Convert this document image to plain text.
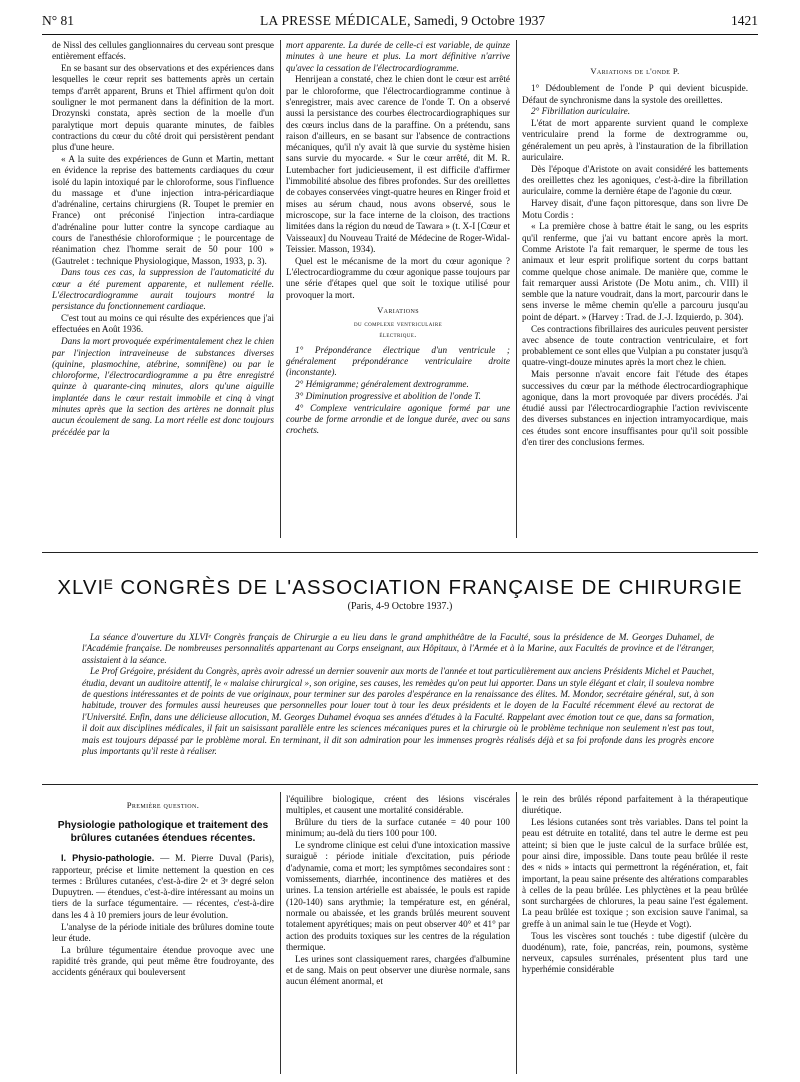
N° 81	LA PRESSE MÉDICALE, Samedi, 9 Octobre 1937	1421

de Nissl des cellules ganglionnaires du cerveau sont presque entièrement effacés.

En se basant sur des observations et des expériences dans lesquelles le cœur reprit ses battements après un certain temps d'arrêt apparent, Bruns et Thiel affirment qu'on doit souligner le mot permanent dans la définition de la mort. Drozynski constata, après section de la moelle d'un paralytique mort depuis quarante minutes, de faibles contractions du cœur du côté droit qui persistèrent pendant plus d'une heure.

« A la suite des expériences de Gunn et Martin, mettant en évidence la reprise des battements cardiaques du cœur isolé du lapin intoxiqué par le chloroforme, sous l'influence du massage et d'une injection intra-péricardiaque d'adrénaline, certains chirurgiens (R. Toupet le premier en France) ont préconisé l'injection intra-cardiaque d'adrénaline pour lutter contre la syncope cardiaque au cours de l'anesthésie chloroformique ; le pourcentage de réanimation chez l'homme serait de 50 pour 100 » (Gautrelet : technique Physiologique, Masson, 1933, p. 3).

Dans tous ces cas, la suppression de l'automaticité du cœur a été purement apparente, et nullement réelle. L'électrocardiogramme aurait toujours montré la persistance du fonctionnement cardiaque.

C'est tout au moins ce qui résulte des expériences que j'ai effectuées en Août 1936.

Dans la mort provoquée expérimentalement chez le chien par l'injection intraveineuse de substances diverses (quinine, plasmochine, atébrine, somnifène) ou par le chloroforme, l'électrocardiogramme a pu être enregistré quinze à quarante-cinq minutes, alors qu'une aiguille implantée dans le cœur restait immobile et cinq à vingt minutes après que la section des artères ne donnait plus aucun écoulement de sang. La mort réelle est donc toujours précédée par la

mort apparente. La durée de celle-ci est variable, de quinze minutes à une heure et plus. La mort définitive n'arrive qu'avec la cessation de l'électrocardiogramme.

Henrijean a constaté, chez le chien dont le cœur est arrêté par le chloroforme, que l'électrocardiogramme continue à s'enregistrer, mais avec carence de l'onde T. On a observé aussi la persistance des courbes électrocardiographiques sur des cœurs inclus dans de la paraffine. On a prétendu, sans raison d'ailleurs, en se basant sur l'absence de contractions mécaniques, qu'il n'y avait là que survie du système hisien sans survie du myocarde. « Sur le cœur arrêté, dit M. R. Lutembacher fort judicieusement, il est difficile d'affirmer l'immobilité absolue des fibres profondes. Sur des oreillettes de cobayes conservées vingt-quatre heures en Ringer froid et mises au sérum chaud, nous avons observé, sous le microscope, sur la face interne de la cloison, des tractions limitées dans la région du nœud de Tawara » (t. X-I [Cœur et Vaisseaux] du Nouveau Traité de Médecine de Roger-Widal-Teissier. Masson, 1934).

Quel est le mécanisme de la mort du cœur agonique ? L'électrocardiogramme du cœur agonique passe toujours par une série d'étapes quel que soit le toxique utilisé pour provoquer la mort.

Variations
du complexe ventriculaire
électrique.

1° Prépondérance électrique d'un ventricule ; généralement prépondérance ventriculaire droite (inconstante).

2° Hémigramme; généralement dextrogramme.

3° Diminution progressive et abolition de l'onde T.

4° Complexe ventriculaire agonique formé par une courbe de forme arrondie et de longue durée, avec ou sans crochets.

Variations de l'onde P.

1° Dédoublement de l'onde P qui devient bicuspide. Défaut de synchronisme dans la systole des oreillettes.

2° Fibrillation auriculaire.

L'état de mort apparente survient quand le complexe ventriculaire prend la forme de dextrogramme ou, généralement un peu après, à l'instauration de la fibrillation auriculaire.

Dès l'époque d'Aristote on avait considéré les battements des oreillettes chez les agoniques, c'est-à-dire la fibrillation auriculaire, comme la dernière étape de l'agonie du cœur.

Harvey disait, d'une façon pittoresque, dans son livre De Motu Cordis :

« La première chose à battre était le sang, ou les esprits qu'il renferme, que j'ai vu battant encore après la mort. Comme Aristote l'a fait remarquer, le sperme de tous les animaux et leur esprit prolifique sortent du corps battant comme quelque chose animale. De manière que, comme le fait remarquer aussi Aristote (De Motu anim., ch. VIII) il semble que la nature voudrait, dans la mort, parcourir dans le sens inverse le même chemin qu'elle a parcouru jusqu'au point de départ. » (Harvey : Trad. de J.-J. Izquierdo, p. 304).

Ces contractions fibrillaires des auricules peuvent persister avec absence de toute contraction ventriculaire, et fort probablement ce sont elles que Vulpian a pu constater jusqu'à quatre-vingt-douze minutes après la mort chez le chien.

Mais personne n'avait encore fait l'étude des étapes successives du cœur par la méthode électrocardiographique agonique, dans la mort provoquée par divers procédés. J'ai étudié aussi par l'électrocardiographie l'action reviviscente des diverses substances en injection intramyocardique, mais ces études sont encore insuffisantes pour qu'il soit possible d'en tirer des conclusions fermes.

XLVIᴱ CONGRÈS DE L'ASSOCIATION FRANÇAISE DE CHIRURGIE
(Paris, 4-9 Octobre 1937.)

La séance d'ouverture du XLVIᵉ Congrès français de Chirurgie a eu lieu dans le grand amphithéâtre de la Faculté, sous la présidence de M. Georges Duhamel, de l'Académie française. De nombreuses personnalités appartenant au Corps enseignant, aux Hôpitaux, à l'Armée et à la Marine, aux Facultés de province et de l'étranger, assistaient à la séance.

Le Prof Grégoire, président du Congrès, après avoir adressé un dernier souvenir aux morts de l'année et tout particulièrement aux anciens Présidents Michel et Pauchet, étudia, devant un auditoire attentif, le « malaise chirurgical », son origine, ses causes, les remèdes qu'on peut lui apporter. Dans un style élégant et clair, il souleva nombre de questions intéressantes et de points de vue originaux, pour terminer sur des paroles d'espérance en la renaissance des élites. M. Mondor, secrétaire général, sut, à son habitude, trouver des formules aussi heureuses que personnelles pour louer tout à tour les deux présidents et le doyen de la Faculté récemment élevé au rectorat de l'Université. Enfin, dans une délicieuse allocution, M. Georges Duhamel évoqua ses années d'études à la Faculté. Rappelant avec émotion tout ce que, dans sa formation, il doit aux disciplines médicales, il fait un saisissant parallèle entre les sciences mécaniques pures et la chirurgie où le problème technique non seulement n'est pas tout, mais est toujours dépassé par le problème moral. En terminant, il dit son admiration pour les immenses progrès réalisés déjà et sa foi profonde dans les progrès encore plus importants qu'il reste à réaliser.

Première question.
Physiologie pathologique et traitement des brûlures cutanées étendues récentes.

I. Physio-pathologie. — M. Pierre Duval (Paris), rapporteur, précise et limite nettement la question en ces termes : Brûlures cutanées, c'est-à-dire 2ᵉ et 3ᵉ degré selon Dupuytren. — étendues, c'est-à-dire intéressant au moins un tiers de la surface tégumentaire. — récentes, c'est-à-dire dans les 4 à 10 premiers jours de leur évolution.

L'analyse de la période initiale des brûlures domine toute leur étude.

La brûlure tégumentaire étendue provoque avec une rapidité très grande, qui peut même être foudroyante, des accidents généraux qui bouleversent

l'équilibre biologique, créent des lésions viscérales multiples, et causent une mortalité considérable.

Brûlure du tiers de la surface cutanée = 40 pour 100 minimum; au-delà du tiers 100 pour 100.

Le syndrome clinique est celui d'une intoxication massive suraiguë : période initiale d'excitation, puis période d'adynamie, coma et mort; les symptômes secondaires sont : vomissements, diarrhée, incontinence des matières et des urines. La tension artérielle est abaissée, le pouls est rapide (120-140) sans arythmie; la température est, en général, normale ou abaissée, et les grands brûlés meurent souvent totalement apyrétiques; mais on peut observer 40° et 41° par action des produits toxiques sur les centres de la régulation thermique.

Les urines sont classiquement rares, chargées d'albumine et de sang. Mais on peut observer une diurèse normale, sans aucun élément anormal, et

le rein des brûlés répond parfaitement à la thérapeutique diurétique.

Les lésions cutanées sont très variables. Dans tel point la peau est détruite en totalité, dans tel autre le derme est peu atteint; si bien que le juste calcul de la surface brûlée est, pour ainsi dire, impossible. Dans toute peau brûlée il reste des « nids » intacts qui permettront la régénération, et, fait important, la peau saine présente des altérations comparables à celles de la peau brûlée. Les phlyctènes et la peau brûlée sont surchargées de chlorures, la peau saine l'est également. La peau brûlée est toxique ; son excision sauve l'animal, sa greffe à un animal sain le tue (Heyde et Vogt).

Tous les viscères sont touchés : tube digestif (ulcère du duodénum), rate, foie, pancréas, rein, poumons, système nerveux, capsules surrénales, présentent plus tard une hyperhémie considérable
